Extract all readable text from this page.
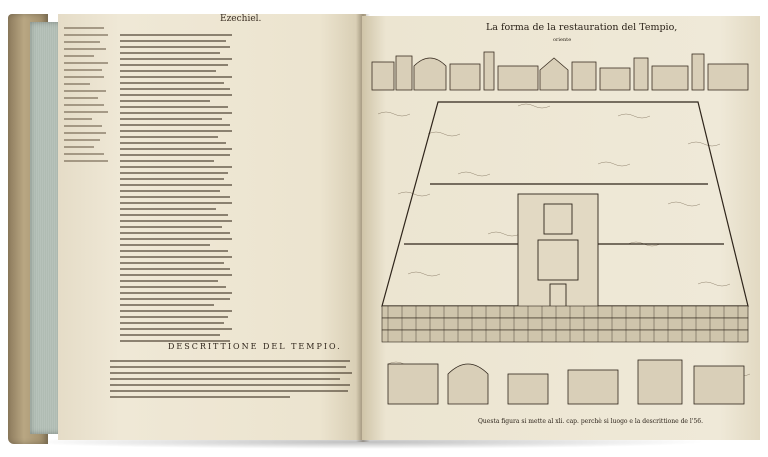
Ezechiel.
DESCRITTIONE DEL TEMPIO.
La forma de la restauration del Tempio,
oriente
Questa figura si mette al xli. cap. perchè si luogo e la descrittione de l'56.
